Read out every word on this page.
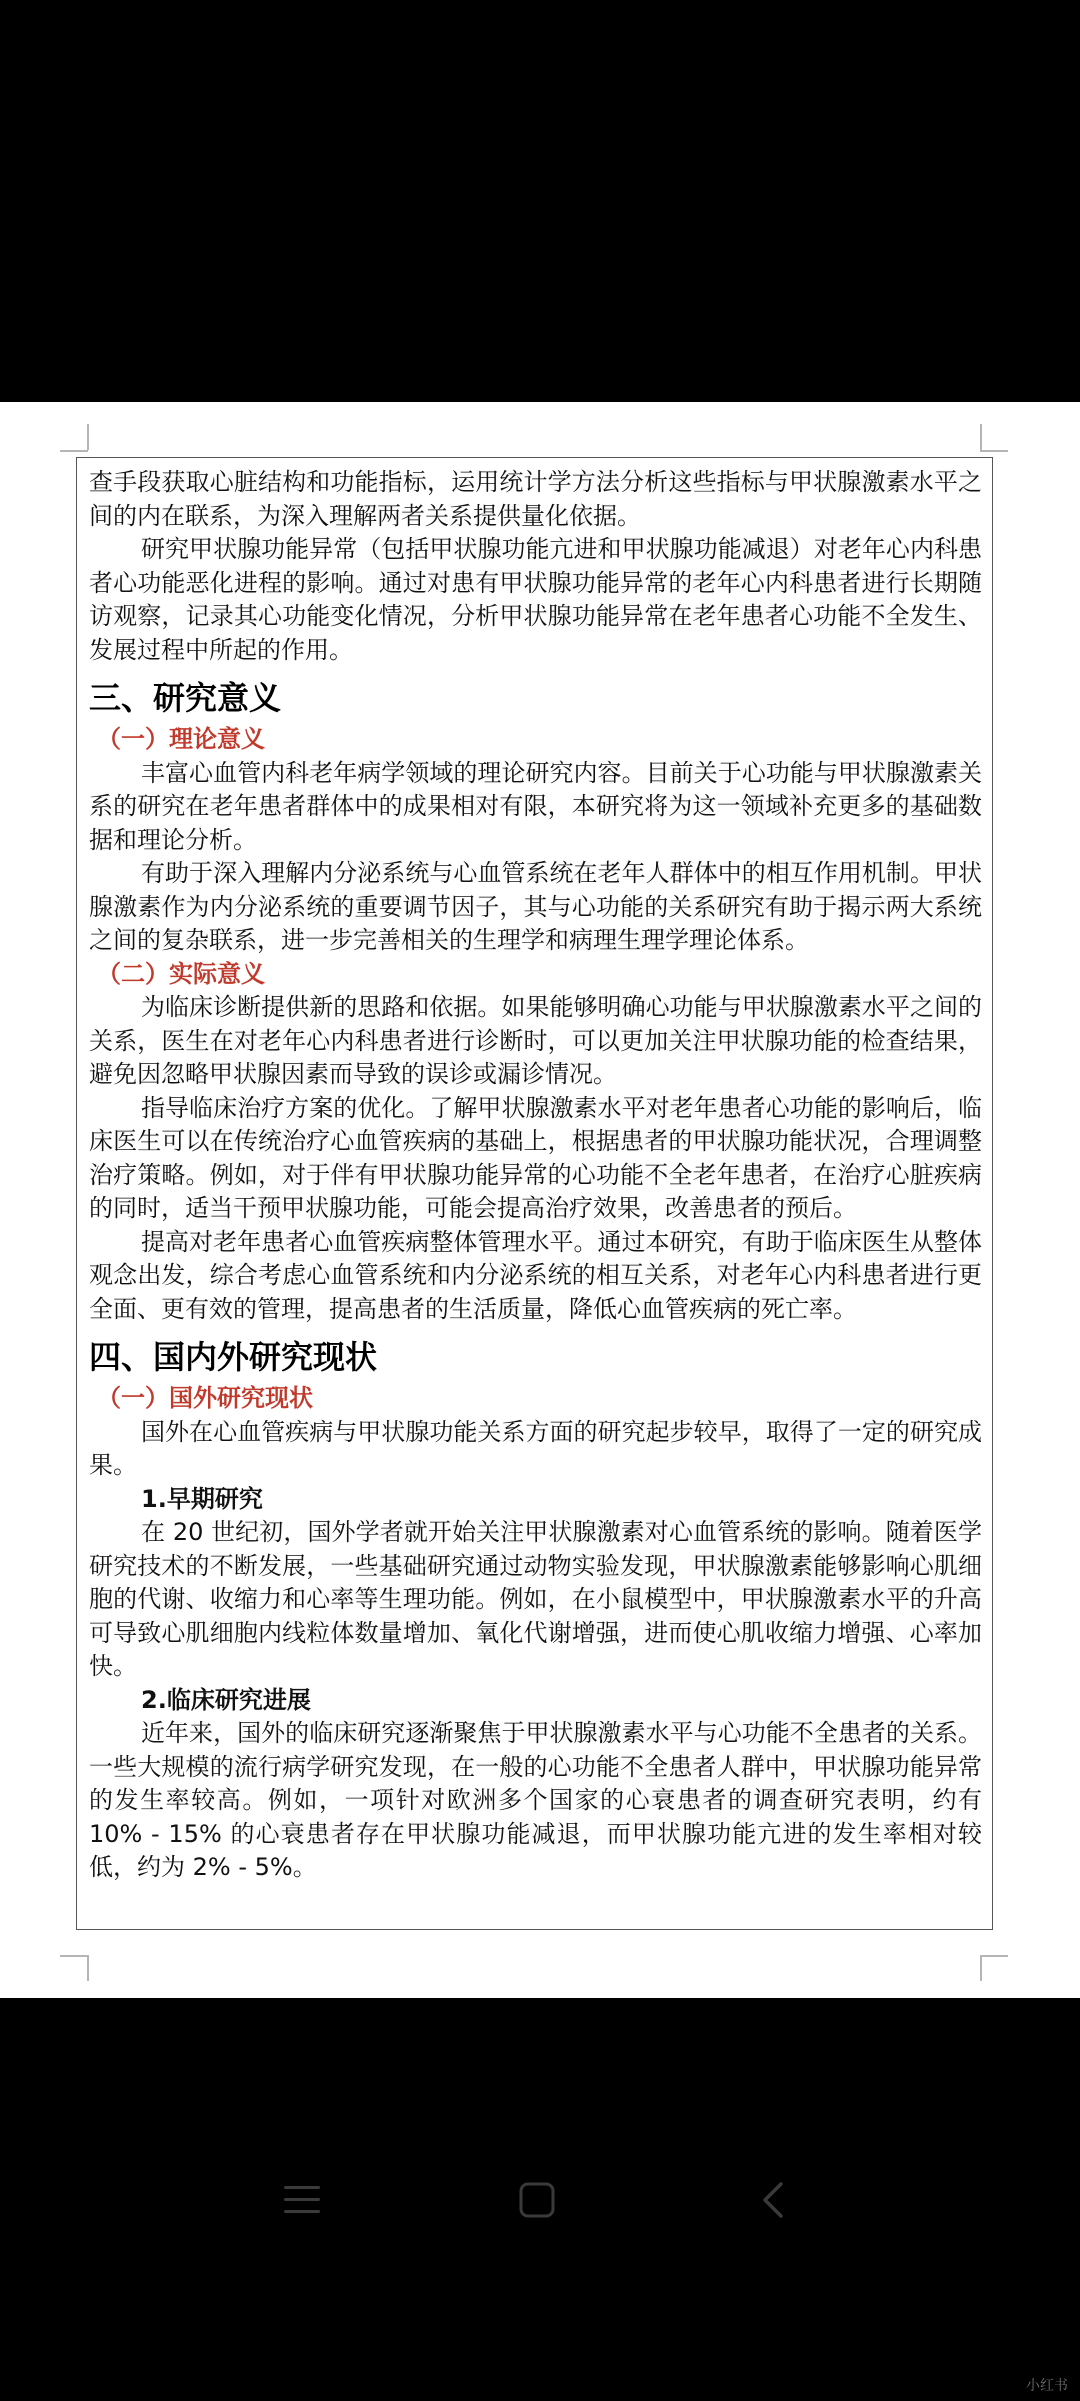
查手段获取心脏结构和功能指标，运用统计学方法分析这些指标与甲状腺激素水平之间的内在联系，为深入理解两者关系提供量化依据。

研究甲状腺功能异常（包括甲状腺功能亢进和甲状腺功能减退）对老年心内科患者心功能恶化进程的影响。通过对患有甲状腺功能异常的老年心内科患者进行长期随访观察，记录其心功能变化情况，分析甲状腺功能异常在老年患者心功能不全发生、发展过程中所起的作用。

三、研究意义
（一）理论意义

丰富心血管内科老年病学领域的理论研究内容。目前关于心功能与甲状腺激素关系的研究在老年患者群体中的成果相对有限，本研究将为这一领域补充更多的基础数据和理论分析。

有助于深入理解内分泌系统与心血管系统在老年人群体中的相互作用机制。甲状腺激素作为内分泌系统的重要调节因子，其与心功能的关系研究有助于揭示两大系统之间的复杂联系，进一步完善相关的生理学和病理生理学理论体系。

（二）实际意义

为临床诊断提供新的思路和依据。如果能够明确心功能与甲状腺激素水平之间的关系，医生在对老年心内科患者进行诊断时，可以更加关注甲状腺功能的检查结果，避免因忽略甲状腺因素而导致的误诊或漏诊情况。

指导临床治疗方案的优化。了解甲状腺激素水平对老年患者心功能的影响后，临床医生可以在传统治疗心血管疾病的基础上，根据患者的甲状腺功能状况，合理调整治疗策略。例如，对于伴有甲状腺功能异常的心功能不全老年患者，在治疗心脏疾病的同时，适当干预甲状腺功能，可能会提高治疗效果，改善患者的预后。

提高对老年患者心血管疾病整体管理水平。通过本研究，有助于临床医生从整体观念出发，综合考虑心血管系统和内分泌系统的相互关系，对老年心内科患者进行更全面、更有效的管理，提高患者的生活质量，降低心血管疾病的死亡率。

四、国内外研究现状
（一）国外研究现状

国外在心血管疾病与甲状腺功能关系方面的研究起步较早，取得了一定的研究成果。

1.早期研究

在 20 世纪初，国外学者就开始关注甲状腺激素对心血管系统的影响。随着医学研究技术的不断发展，一些基础研究通过动物实验发现，甲状腺激素能够影响心肌细胞的代谢、收缩力和心率等生理功能。例如，在小鼠模型中，甲状腺激素水平的升高可导致心肌细胞内线粒体数量增加、氧化代谢增强，进而使心肌收缩力增强、心率加快。

2.临床研究进展

近年来，国外的临床研究逐渐聚焦于甲状腺激素水平与心功能不全患者的关系。一些大规模的流行病学研究发现，在一般的心功能不全患者人群中，甲状腺功能异常的发生率较高。例如，一项针对欧洲多个国家的心衰患者的调查研究表明，约有 10% - 15% 的心衰患者存在甲状腺功能减退，而甲状腺功能亢进的发生率相对较低，约为 2% - 5%。

小红书
